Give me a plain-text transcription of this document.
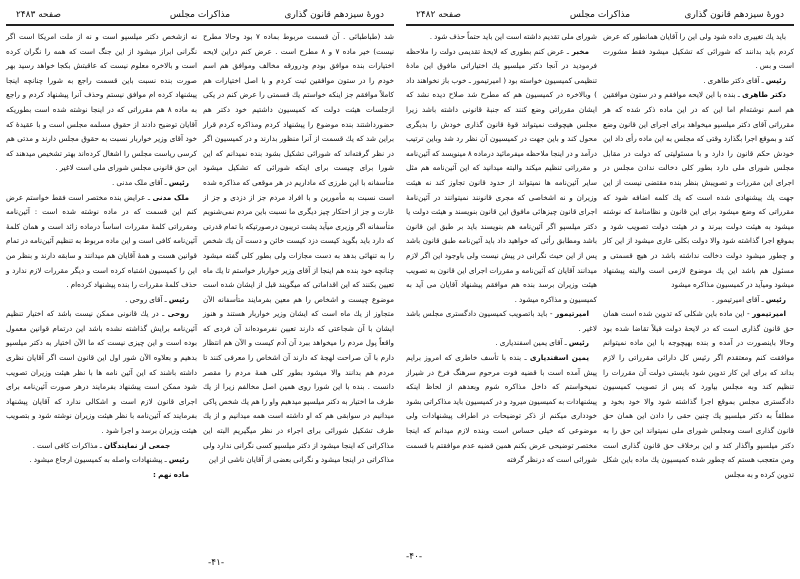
دورهٔ سیزدهم قانون گذاری
مذاکرات مجلس
صفحه ۲۴۸۳

نه ازشخص دکتر میلسپو است و نه از ملت امریکا است اگر نگرانی ابراز میشود از این جنگ است که همه را نگران کرده است و بالاخره معلوم نیست که عاقبتش بکجا خواهد رسید بهر صورت بنده نسبت باین قسمت راجع به شورا چنانچه اینجا پیشنهاد کرده ام موافق نیستم وحذف آنرا پیشنهاد کردم و راجع به ماده ۸ هم مقرراتی که در اینجا نوشته شده است بطوریکه آقایان توضیح دادند از حقوق مسلمه مجلس است و با عقیدهٔ که خود آقای وزیر خواربار نسبت به حقوق مجلس دارند و مدتی هم کرسی ریاست مجلس را اشغال کرده‌اند بهتر تشخیص میدهند که این حق قانونی مجلس شورای ملی است لاغیر .

رئیس ـ آقای ملک مدنی .

ملک مدنی ـ عرایض بنده مختصر است فقط خواستم عرض کنم این قسمت که در ماده نوشته شده است : آئین‌نامه ومقرراتی کلمهٔ مقررات اساساً درماده زائد است و همان کلمهٔ آئین‌نامه کافی است و این ماده مربوط به تنظیم آئین‌نامه در تمام قوانین هست و همهٔ آقایان هم میدانند و سابقه دارند و بنظر من این را کمیسیون اشتباه کرده است و دیگر مقررات لازم ندارد و حذف کلمهٔ مقررات را بنده پیشنهاد کرده‌ام .

رئیس ـ آقای روحی .

روحی ـ در یك قانونی ممکن نیست باشد که اختیار تنظیم آئین‌نامه برایش گذاشته نشده باشد این درتمام قوانین معمول بوده است و این چیزی نیست که ما الآن اختیار به دکتر میلسپو بدهیم و بعلاوه الآن شور اول این قانون است اگر آقایان نظری داشته باشند که این آئین نامه ها با نظر هیئت وزیران تصویب شود ممکن است پیشنهاد بفرمایند درهر صورت آئین‌نامه برای اجرای قانون لازم است و اشکالی ندارد که آقایان پیشنهاد بفرمایند که آئین‌نامه با نظر هیئت وزیران نوشته شود و بتصویب هیئت وزیران برسد و اجرا شود .

جمعی از نمایندگان ـ مذاکرات کافی است .

رئیس ـ پیشنهادات واصله به کمیسیون ارجاع میشود .

ماده نهم :

شد (طباطبائی . آن قسمت مربوط بماده ۷ بود وحالا مطرح نیست) خیر ماده ۷ و ۸ مطرح است . عرض کنم دراین لایحه اختیارات بنده موافق بودم ودرورقه مخالف وموافق هم اسم خودم را در ستون موافقین ثبت کردم و با اصل اختیارات هم کاملاً موافقم جز اینکه خواستم یك قسمتی را عرض کنم در یکی ازجلسات هیئت دولت که کمیسیون داشتیم خود دکتر هم حضورداشتند بنده موضوع را پیشنهاد کردم ومذاکره کردم قرار براین شد که یك قسمت از آنرا منظور بدارند و در کمیسیون اگر در نظر گرفته‌اند که شورائی تشکیل بشود بنده نمیدانم که این شورا برای چیست برای اینکه شورائی که تشکیل میشود متأسفانه با این طرزی که ماداریم در هر موقعی که مذاکره شده است نسبت به مأمورین و با افراد مردم جز از دزدی و جز از غارت و جز از احتکار چیز دیگری ما نسبت باین مردم نمی‌شنویم متأسفانه اگر وزیری میآید پشت تریبون درصورتیکه با تمام قدرتی که دارد باید بگوید کیست دزد کیست خائن و دست آن یك شخص را به تنهائی بدهد به دست مجازات ولی بطور کلی گفته میشود چنانچه خود بنده هم اینجا از آقای وزیر خواربار خواستم تا یك ماه تعیین بکنند که این اقداماتی که میگویند قبل از ایشان شده است موضوع چیست و اشخاص را هم معین بفرمایند متأسفانه الآن متجاوز از یك ماه است که ایشان وزیر خواربار هستند و هنوز ایشان با آن شجاعتی که دارند تعیین نفرموده‌اند آن فردی که واقعاً پول مردم را میخواهد ببرد آن آدم کیست و الآن هم انتظار دارم با آن صراحت لهجهٔ که دارند آن اشخاص را معرفی کنند تا مردم هم بدانند والا میشود بطور کلی همهٔ مردم را مقصر دانست . بنده با این شورا روی همین اصل مخالفم زیرا از یك طرف ما اختیار به دکتر میلسپو میدهیم واو را هم یك شخص پاکی میدانیم در سوابقی هم که او داشته است همه میدانیم و از یك طرف تشکیل شورائی برای اجراء در نظر میگیریم البته این مذاکراتی که اینجا میشود از دکتر میلسپو کسی نگرانی ندارد ولی مذاکراتی در اینجا میشود و نگرانی بعضی از آقایان ناشی از این

-۴۱-
دورهٔ سیزدهم قانون گذاری
مذاکرات مجلس
صفحه ۲۴۸۲

شورای ملی تقدیم داشته است این باید حتماً حذف شود .

مخبر ـ عرض کنم بطوری که لایحهٔ تقدیمی دولت را ملاحظه فرمودید در آنجا دکتر میلسپو یك اختیاراتی مافوق این مادهٔ تنظیمی کمیسیون خواسته بود ( امیرتیمور ـ خوب باز نخواهند داد ) وبالاخره در کمیسیون هم که مطرح شد صلاح دیده نشد که ایشان مقرراتی وضع کنند که جنبهٔ قانونی داشته باشد زیرا مجلس هیچوقت نمیتواند قوهٔ قانون گذاری خودش را بدیگری محول کند و باین جهت در کمیسیون آن نظر رد شد وباین ترتیب درآمد و در اینجا ملاحظه میفرمائید درماده ۸ مینویسد که آئین‌نامه و مقرراتی تنظیم میکند والبته میدانید که این آئین‌نامه هم مثل سایر آئین‌نامه ها نمیتواند از حدود قانون تجاوز کند نه هیئت وزیران و نه اشخاصی که مجری قانونند نمیتوانند در آئین‌نامهٔ اجرای قانون چیزهائی مافوق این قانون بنویسند و هیئت دولت یا دکتر میلسپو اگر آئین‌نامه هم بنویسند باید بر طبق این قانون باشد ومطابق رأئی که خواهید داد باید آئین‌نامه طبق قانون باشد پس از این حیث نگرانی در پیش نیست ولی باوجود این اگر لازم میدانند آقایان که آئین‌نامه و مقررات اجرای این قانون به تصویب هیئت وزیران برسد بنده هم موافقم پیشنهاد آقایان می آید به کمیسیون و مذاکره میشود .

امیرتیمور - باید باتصویب کمیسیون دادگستری مجلس باشد لاغیر .

رئیس ـ آقای یمین اسفندیاری .

یمین اسفندیاری ـ بنده با تأسف خاطری که امروز برایم پیش آمده است با قضیه فوت مرحوم سرهنگ فرخ در شیراز نمیخواستم که داخل مذاکره شوم وبعدهم از لحاظ اینکه پیشنهادات به کمیسیون میرود و در کمیسیون باید مذاکراتی بشود خودداری میکنم از ذکر توضیحات در اطراف پیشنهادات ولی موضوعی که خیلی حساس است وبنده لازم میدانم که اینجا مختصر توضیحی عرض بکنم همین قضیه عدم موافقتم با قسمت شورائی است که درنظر گرفته

باید یك تغییری داده شود ولی این را آقایان همانطور که عرض کردم باید بدانند که شورائی که تشکیل میشود فقط مشورت است و بس .

رئیس ـ آقای دکتر طاهری .

دکتر طاهری ـ بنده با این لایحه موافقم و در ستون موافقین هم اسم نوشته‌ام اما این که در این ماده ذکر شده که هر مقرراتی آقای دکتر میلسپو میخواهد برای اجرای این قانون وضع کند و بموقع اجرا بگذارد وقتی که مجلس به این ماده رأی داد این خودش حکم قانون را دارد و با مسئولیتی که دولت در مقابل مجلس شورای ملی دارد بطور کلی دخالت ندادن مجلس در اجرای این مقررات و تصویبش بنظر بنده مقتضی نیست از این جهت یك پیشنهادی شده است که یك کلمه اضافه شود که مقرراتی که وضع میشود برای این قانون و نظامنامهٔ که نوشته میشود به هیئت دولت ببرند و در هیئت دولت تصویب شود و بموقع اجرا گذاشته شود والا دولت بکلی عاری میشود از این کار و چطور میشود دولت دخالت نداشته باشد در هیچ قسمتی و مسئول هم باشد این یك موضوع لازمی است والبته پیشنهاد میشود ومیآید در کمیسیون مذاکره میشود

رئیس ـ آقای امیرتیمور .

امیرتیمور - این ماده باین شکلی که تدوین شده است همان حق قانون گذاری است که در لایحهٔ دولت قبلاً تقاضا شده بود وحالا باینصورت در آمده و بنده بهیچوجه با این ماده نمیتوانم موافقت کنم ومعتقدم اگر رئیس کل دارائی مقرراتی را لازم بداند که برای این کار تدوین شود بایستی دولت آن مقررات را تنظیم کند وبه مجلس بیاورد که پس از تصویب کمیسیون دادگستری مجلس بموقع اجرا گذاشته شود والا خود بخود و مطلقاً به دکتر میلسپو یك چنین حقی را دادن این همان حق قانون گذاری است ومجلس شورای ملی نمیتواند این حق را به دکتر میلسپو واگذار کند و این برخلاف حق قانون گذاری است ومن متعجب هستم که چطور شده کمیسیون یك ماده باین شکل تدوین کرده و به مجلس

-۴۰-
